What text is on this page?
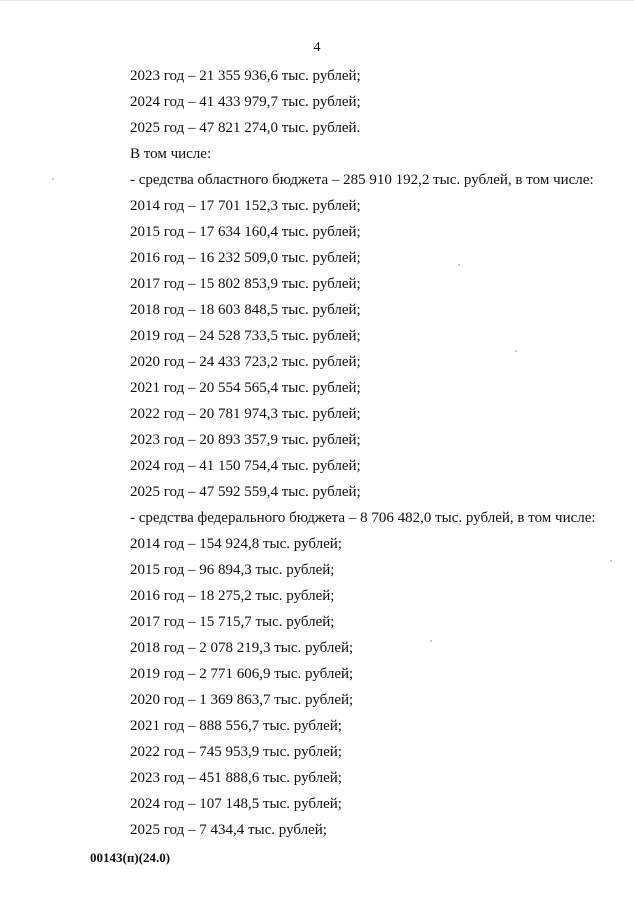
4
2023 год – 21 355 936,6 тыс. рублей;
2024 год – 41 433 979,7 тыс. рублей;
2025 год – 47 821 274,0 тыс. рублей.
В том числе:
- средства областного бюджета – 285 910 192,2 тыс. рублей, в том числе:
2014 год – 17 701 152,3 тыс. рублей;
2015 год – 17 634 160,4 тыс. рублей;
2016 год – 16 232 509,0 тыс. рублей;
2017 год – 15 802 853,9 тыс. рублей;
2018 год – 18 603 848,5 тыс. рублей;
2019 год – 24 528 733,5 тыс. рублей;
2020 год – 24 433 723,2 тыс. рублей;
2021 год – 20 554 565,4 тыс. рублей;
2022 год – 20 781 974,3 тыс. рублей;
2023 год – 20 893 357,9 тыс. рублей;
2024 год – 41 150 754,4 тыс. рублей;
2025 год – 47 592 559,4 тыс. рублей;
- средства федерального бюджета – 8 706 482,0 тыс. рублей, в том числе:
2014 год – 154 924,8 тыс. рублей;
2015 год – 96 894,3 тыс. рублей;
2016 год – 18 275,2 тыс. рублей;
2017 год – 15 715,7 тыс. рублей;
2018 год – 2 078 219,3 тыс. рублей;
2019 год – 2 771 606,9 тыс. рублей;
2020 год – 1 369 863,7 тыс. рублей;
2021 год – 888 556,7 тыс. рублей;
2022 год – 745 953,9 тыс. рублей;
2023 год – 451 888,6 тыс. рублей;
2024 год – 107 148,5 тыс. рублей;
2025 год – 7 434,4 тыс. рублей;
00143(п)(24.0)
